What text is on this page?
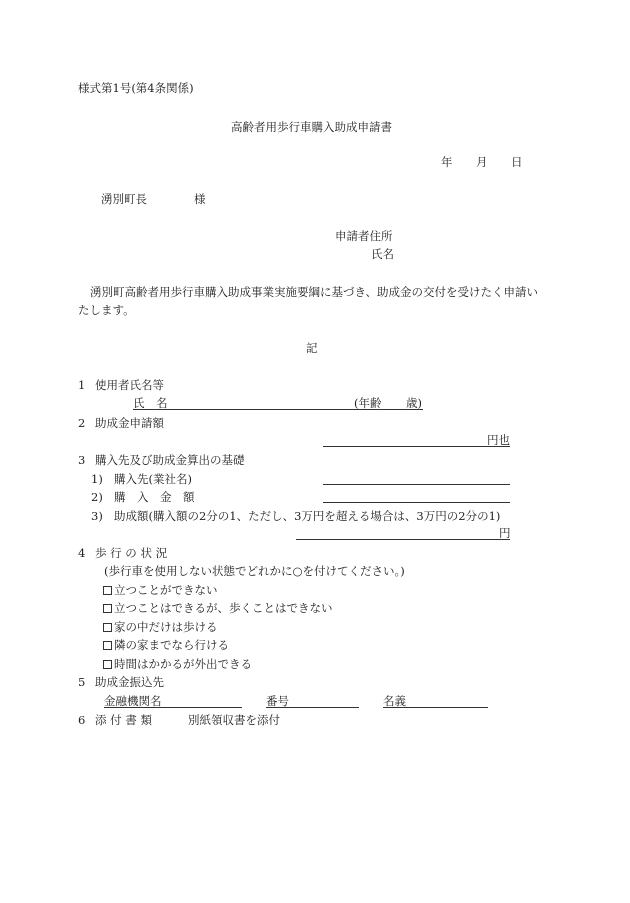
様式第1号(第4条関係)
高齢者用歩行車購入助成申請書
年 月 日
湧別町長	様
申請者住所
氏名
湧別町高齢者用歩行車購入助成事業実施要綱に基づき、助成金の交付を受けたく申請い
たします。
記
1 使用者氏名等
氏　名	(年齢 歳)
2 助成金申請額
円也
3 購入先及び助成金算出の基礎
1) 購入先(業社名)
2) 購　入　金　額
3) 助成額(購入額の2分の1、ただし、3万円を超える場合は、3万円の2分の1)
円
4 歩 行 の 状 況
(歩行車を使用しない状態でどれかに○を付けてください。)
立つことができない
立つことはできるが、歩くことはできない
家の中だけは歩ける
隣の家までなら行ける
時間はかかるが外出できる
5 助成金振込先
金融機関名	番号	名義
6 添 付 書 類	別紙領収書を添付
